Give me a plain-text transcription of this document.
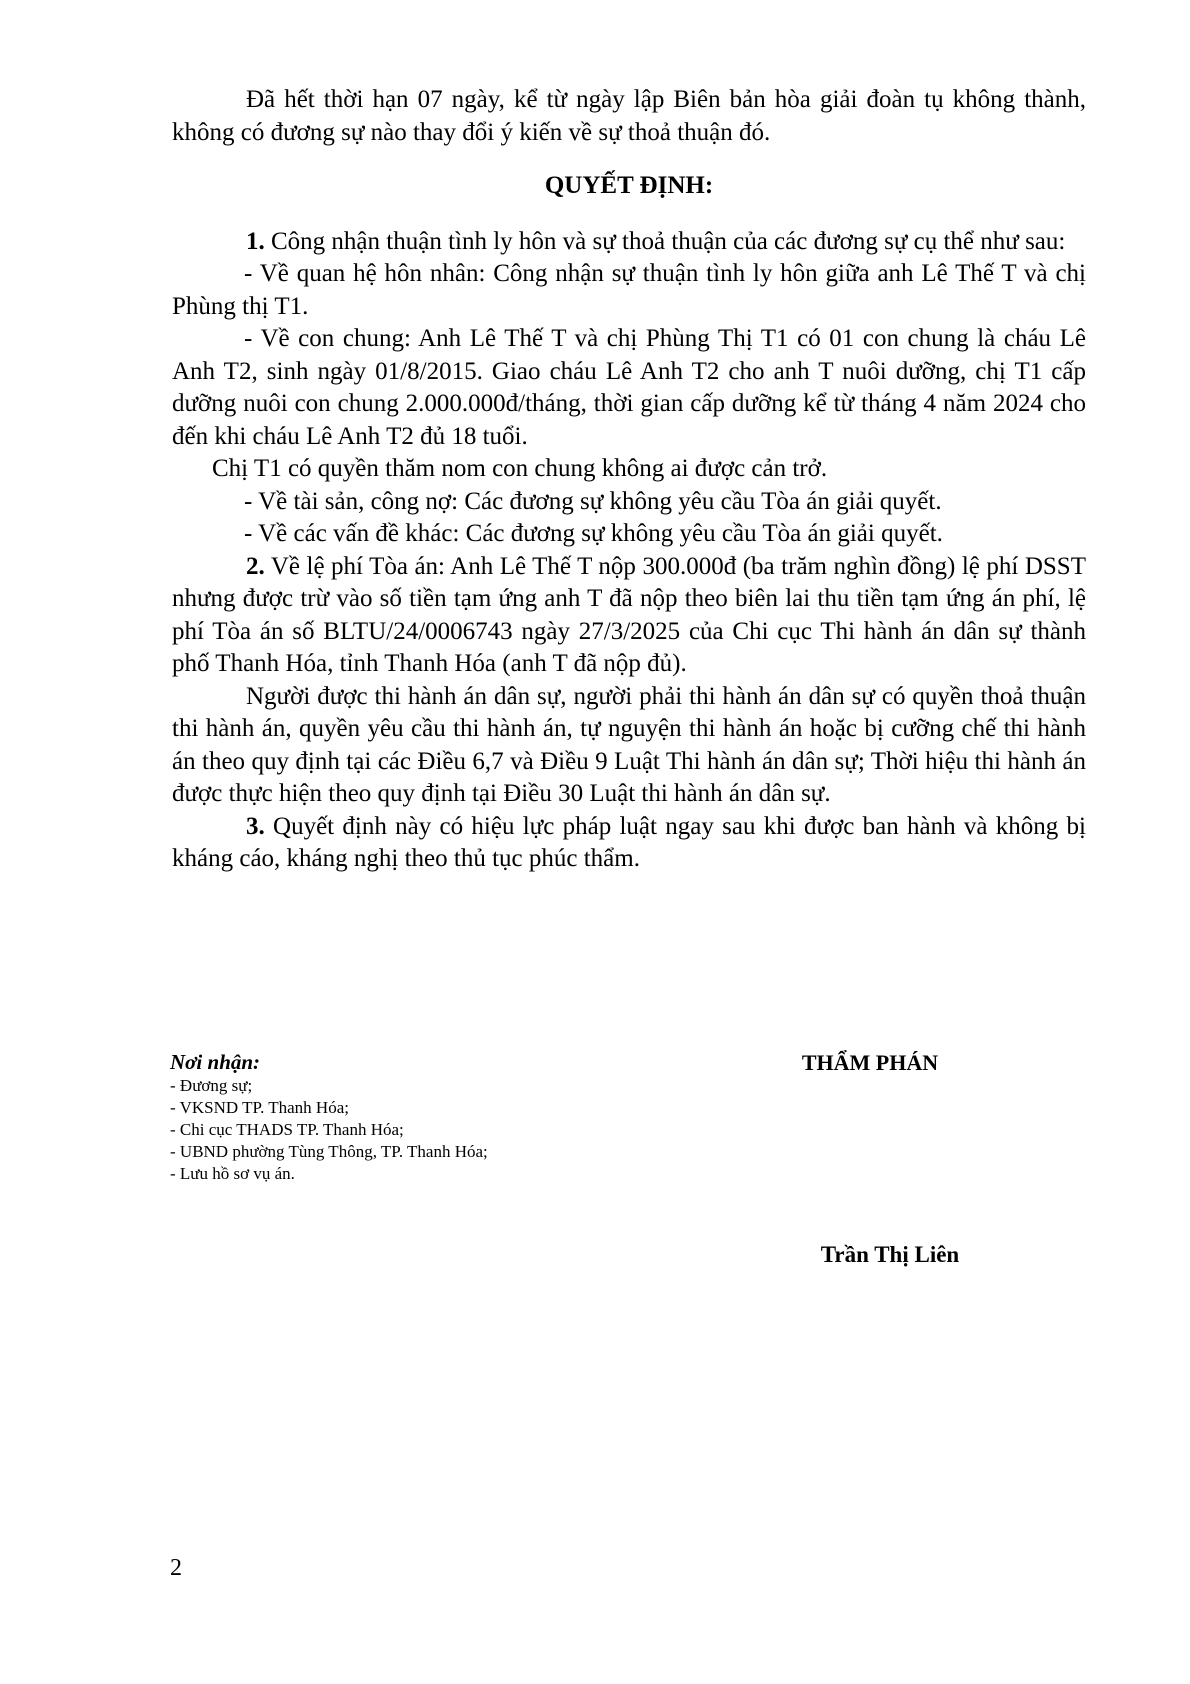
Đã hết thời hạn 07 ngày, kể từ ngày lập Biên bản hòa giải đoàn tụ không thành, không có đương sự nào thay đổi ý kiến về sự thoả thuận đó.

QUYẾT ĐỊNH:

1. Công nhận thuận tình ly hôn và sự thoả thuận của các đương sự cụ thể như sau:

- Về quan hệ hôn nhân: Công nhận sự thuận tình ly hôn giữa anh Lê Thế T và chị Phùng thị T1.

- Về con chung: Anh Lê Thế T và chị Phùng Thị T1 có 01 con chung là cháu Lê Anh T2, sinh ngày 01/8/2015. Giao cháu Lê Anh T2 cho anh T nuôi dưỡng, chị T1 cấp dưỡng nuôi con chung 2.000.000đ/tháng, thời gian cấp dưỡng kể từ tháng 4 năm 2024 cho đến khi cháu Lê Anh T2 đủ 18 tuổi.

Chị T1 có quyền thăm nom con chung không ai được cản trở.

- Về tài sản, công nợ: Các đương sự không yêu cầu Tòa án giải quyết.

- Về các vấn đề khác: Các đương sự không yêu cầu Tòa án giải quyết.

2. Về lệ phí Tòa án: Anh Lê Thế T nộp 300.000đ (ba trăm nghìn đồng) lệ phí DSST nhưng được trừ vào số tiền tạm ứng anh T đã nộp theo biên lai thu tiền tạm ứng án phí, lệ phí Tòa án số BLTU/24/0006743 ngày 27/3/2025 của Chi cục Thi hành án dân sự thành phố Thanh Hóa, tỉnh Thanh Hóa (anh T đã nộp đủ).

Người được thi hành án dân sự, người phải thi hành án dân sự có quyền thoả thuận thi hành án, quyền yêu cầu thi hành án, tự nguyện thi hành án hoặc bị cưỡng chế thi hành án theo quy định tại các Điều 6,7 và Điều 9 Luật Thi hành án dân sự; Thời hiệu thi hành án được thực hiện theo quy định tại Điều 30 Luật thi hành án dân sự.

3. Quyết định này có hiệu lực pháp luật ngay sau khi được ban hành và không bị kháng cáo, kháng nghị theo thủ tục phúc thẩm.

Nơi nhận:
- Đương sự;
- VKSND TP. Thanh Hóa;
- Chi cục THADS TP. Thanh Hóa;
- UBND phường Tùng Thông, TP. Thanh Hóa;
- Lưu hồ sơ vụ án.
THẨM PHÁN
Trần Thị Liên
2
